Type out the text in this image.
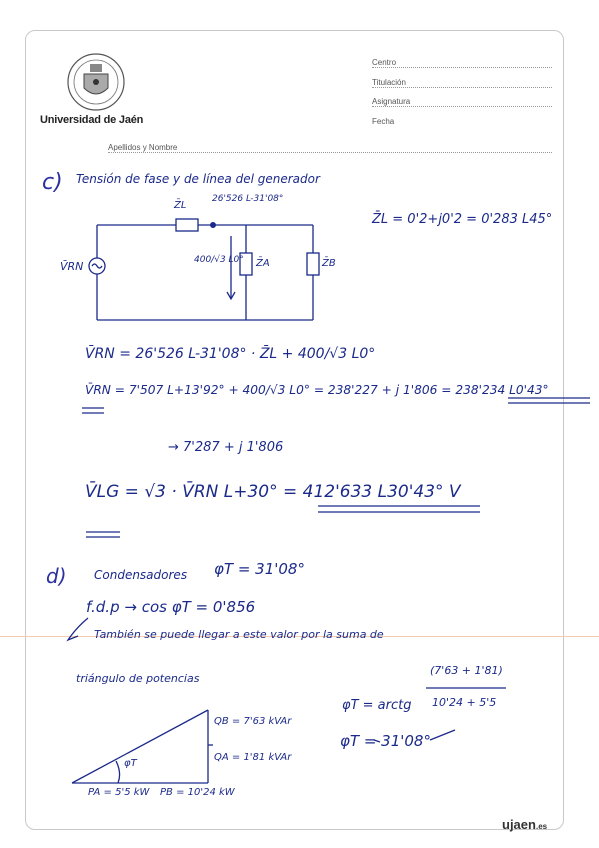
Universidad de Jaén
Centro
Titulación
Asignatura
Fecha
Apellidos y Nombre
c) Tensión de fase y de línea del generador
Z̄L
26'526 L-31'08°
V̄RN	400/√3 L0° Z̄A	Z̄B
Z̄L = 0'2+j0'2 = 0'283 L45°
V̄RN = 26'526 L-31'08° · Z̄L + 400/√3 L0°
V̄RN = 7'507 L+13'92° + 400/√3 L0° = 238'227 + j 1'806 = 238'234 L0'43°
→ 7'287 + j 1'806
V̄LG = √3 · V̄RN L+30° = 412'633 L30'43° V
d) Condensadores φT = 31'08°
f.d.p → cos φT = 0'856
También se puede llegar a este valor por la suma de
triángulo de potencias
QB = 7'63 kVAr
QA = 1'81 kVAr
PA = 5'5 kW PB = 10'24 kW
φT
φT = arctg
(7'63 + 1'81)
10'24 + 5'5
φT = 31'08°
ujaen.es
